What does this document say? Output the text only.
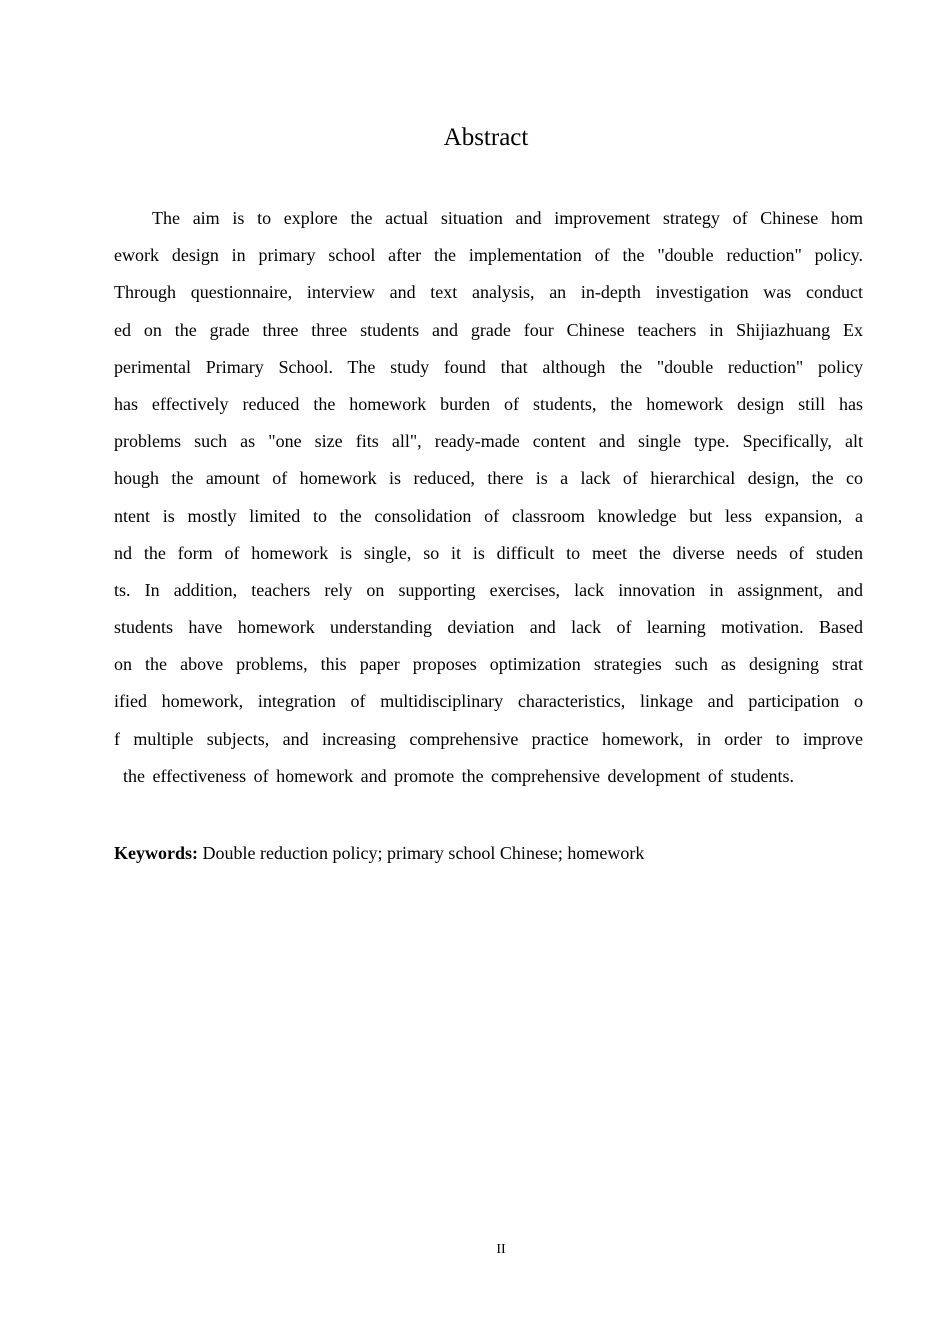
Abstract
The aim is to explore the actual situation and improvement strategy of Chinese hom
ework design in primary school after the implementation of the "double reduction" policy.
Through questionnaire, interview and text analysis, an in-depth investigation was conduct
ed on the grade three three students and grade four Chinese teachers in Shijiazhuang Ex
perimental Primary School. The study found that although the "double reduction" policy
has effectively reduced the homework burden of students, the homework design still has
problems such as "one size fits all", ready-made content and single type. Specifically, alt
hough the amount of homework is reduced, there is a lack of hierarchical design, the co
ntent is mostly limited to the consolidation of classroom knowledge but less expansion, a
nd the form of homework is single, so it is difficult to meet the diverse needs of studen
ts. In addition, teachers rely on supporting exercises, lack innovation in assignment, and
students have homework understanding deviation and lack of learning motivation. Based
on the above problems, this paper proposes optimization strategies such as designing strat
ified homework, integration of multidisciplinary characteristics, linkage and participation o
f multiple subjects, and increasing comprehensive practice homework, in order to improve
the effectiveness of homework and promote the comprehensive development of students.
Keywords: Double reduction policy; primary school Chinese; homework
II
